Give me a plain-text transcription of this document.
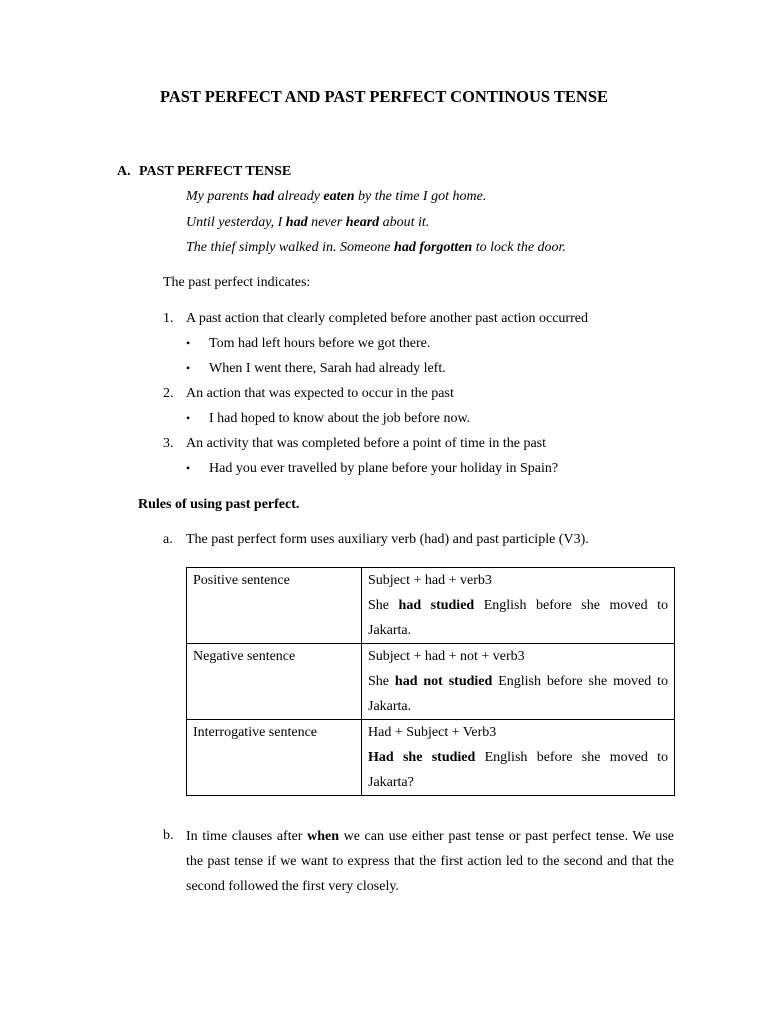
PAST PERFECT AND PAST PERFECT CONTINOUS TENSE
A. PAST PERFECT TENSE
My parents had already eaten by the time I got home.
Until yesterday, I had never heard about it.
The thief simply walked in. Someone had forgotten to lock the door.
The past perfect indicates:
1. A past action that clearly completed before another past action occurred
• Tom had left hours before we got there.
• When I went there, Sarah had already left.
2. An action that was expected to occur in the past
• I had hoped to know about the job before now.
3. An activity that was completed before a point of time in the past
• Had you ever travelled by plane before your holiday in Spain?
Rules of using past perfect.
a. The past perfect form uses auxiliary verb (had) and past participle (V3).
Positive sentence	Subject + had + verb3
She had studied English before she moved to
Jakarta.

Negative sentence	Subject + had + not + verb3
She had not studied English before she moved to
Jakarta.

Interrogative sentence	Had + Subject + Verb3
Had she studied English before she moved to
Jakarta?
b. In time clauses after when we can use either past tense or past perfect tense. We use the past tense if we want to express that the first action led to the second and that the second followed the first very closely.
